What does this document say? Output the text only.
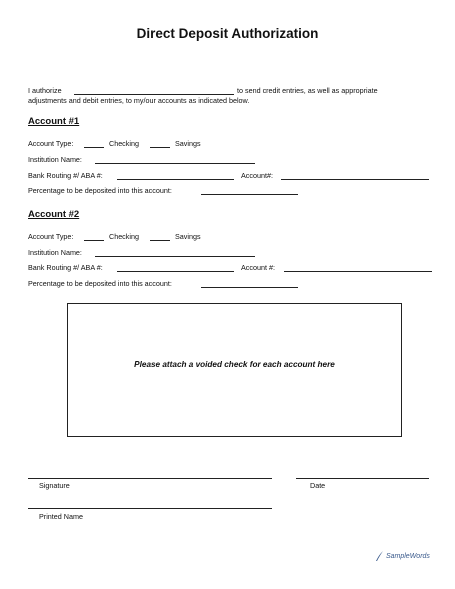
Direct Deposit Authorization
I authorize	to send credit entries, as well as appropriate
adjustments and debit entries, to my/our accounts as indicated below.
Account #1
Account Type:	Checking	Savings
Institution Name:
Bank Routing #/ ABA #:	Account#:
Percentage to be deposited into this account:
Account #2
Account Type:	Checking	Savings
Institution Name:
Bank Routing #/ ABA #:	Account #:
Percentage to be deposited into this account:
Please attach a voided check for each account here
Signature	Date
Printed Name
SampleWords
